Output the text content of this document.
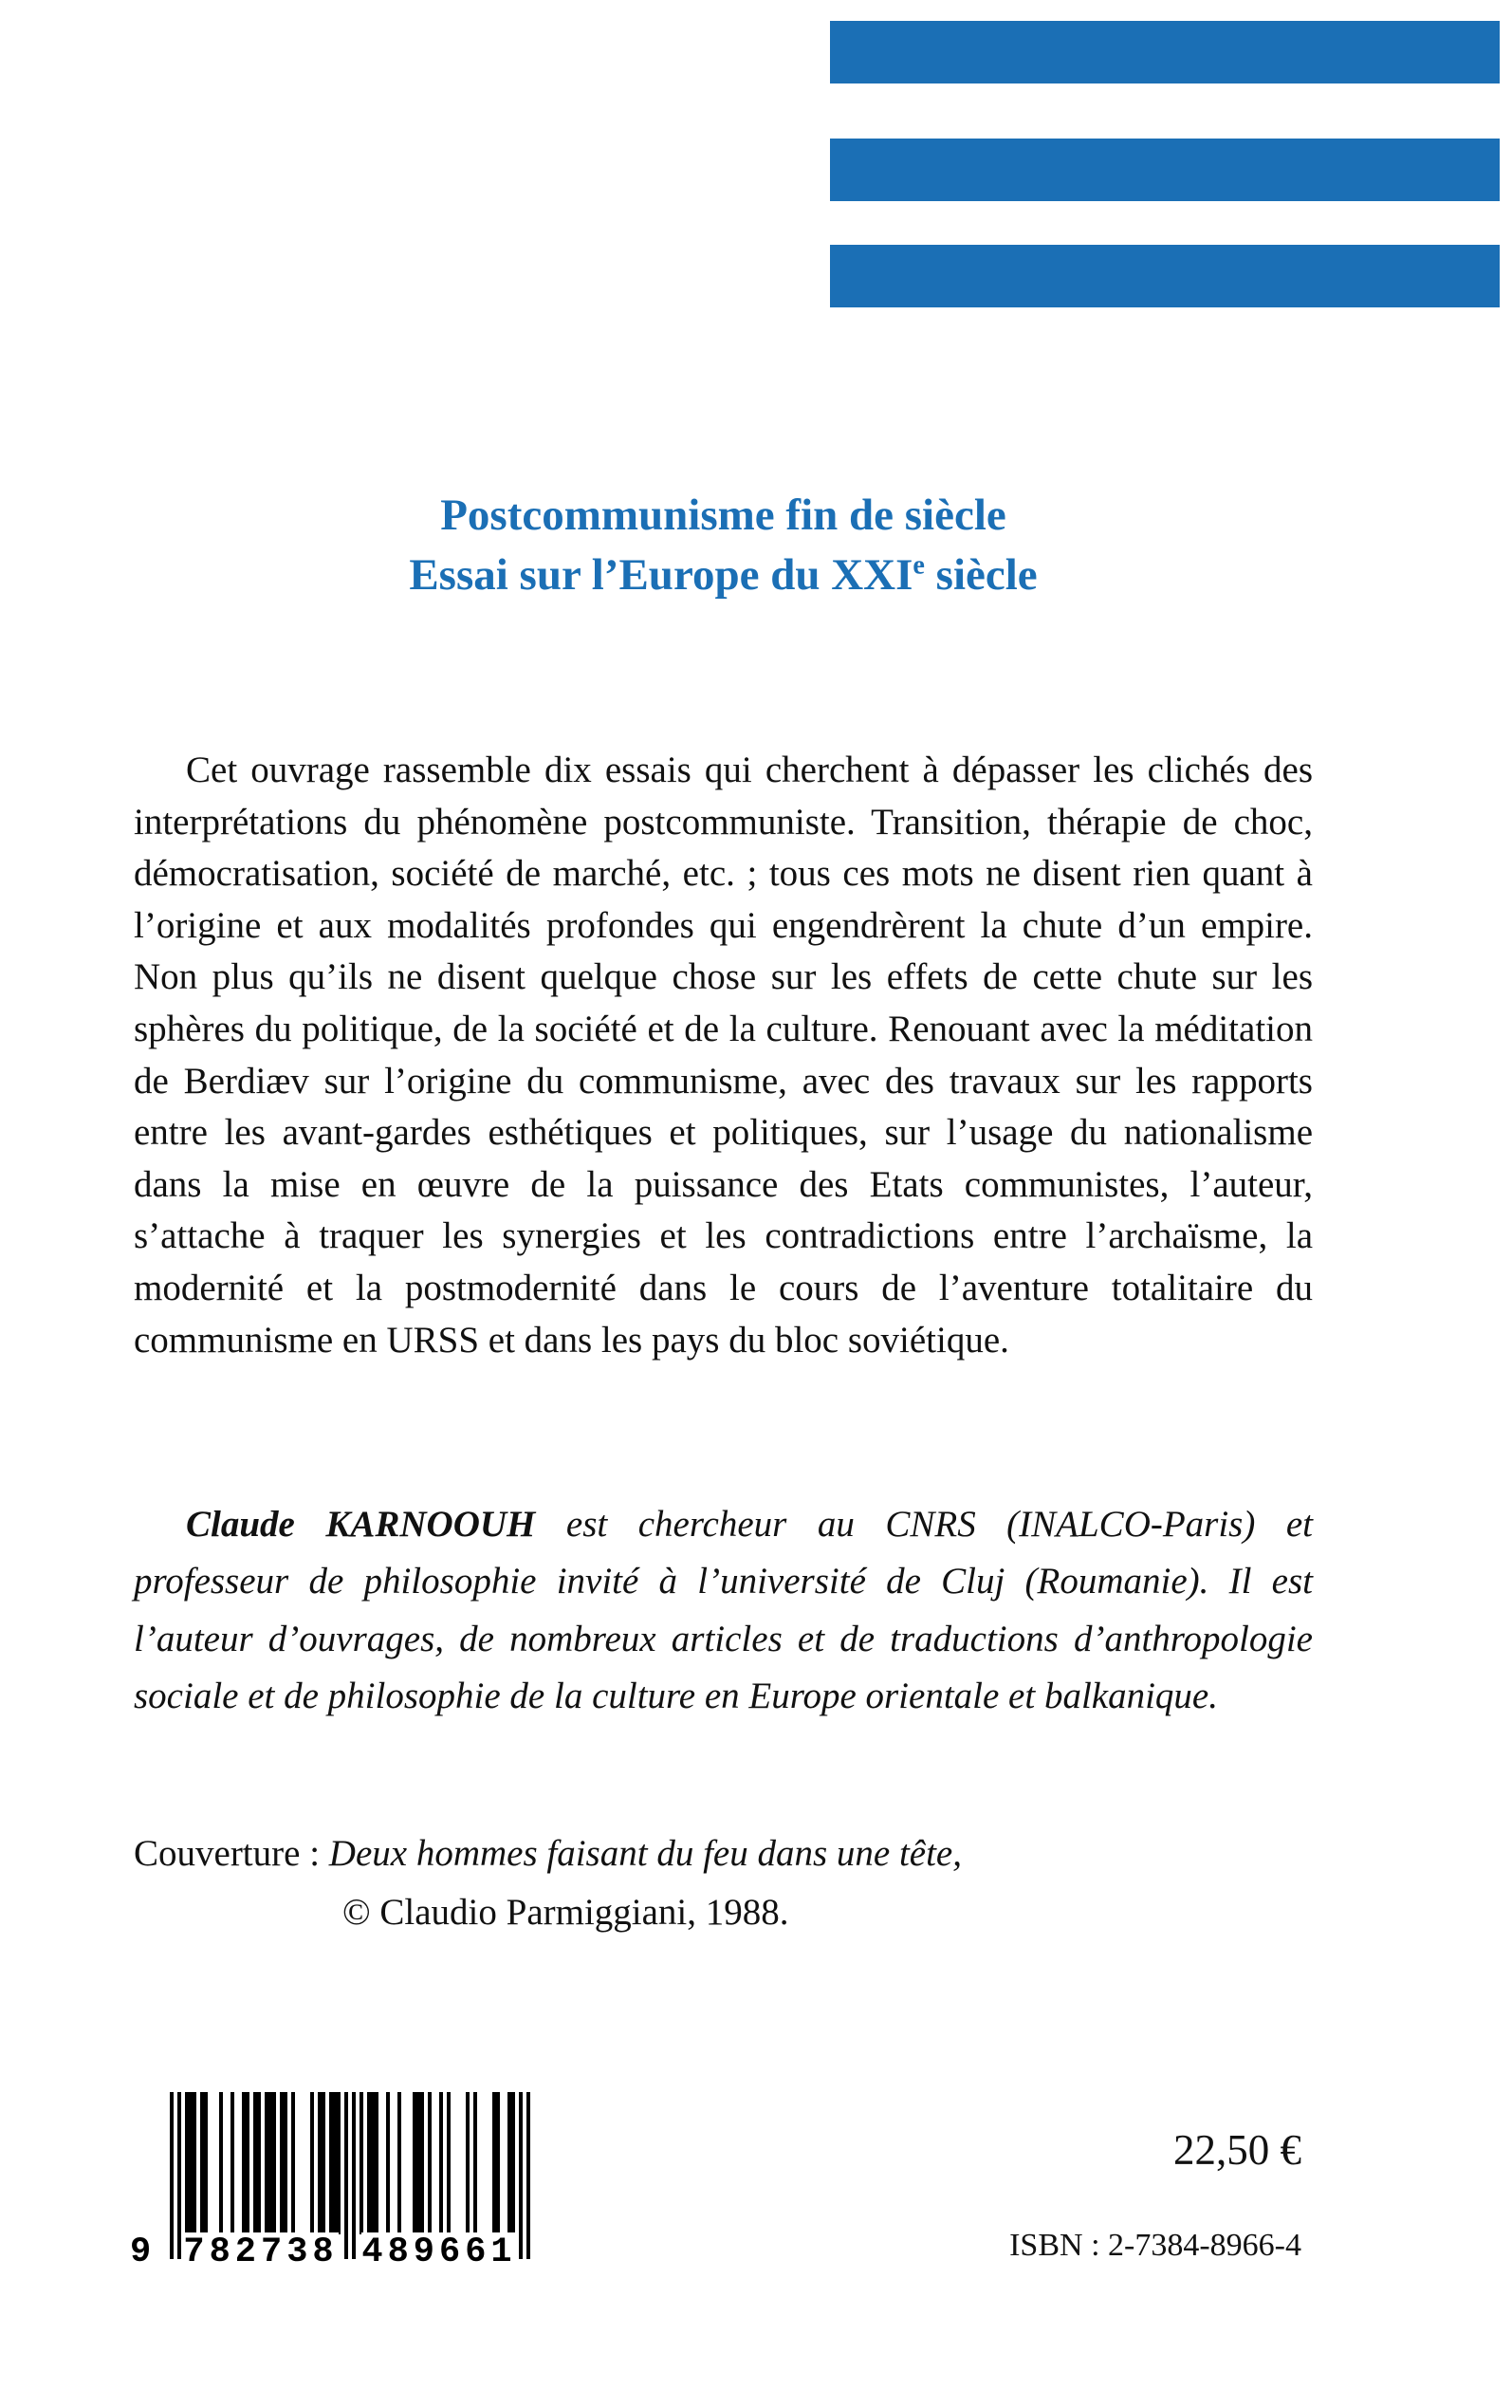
Postcommunisme fin de siècle
Essai sur l’Europe du XXIe siècle

Cet ouvrage rassemble dix essais qui cherchent à dépasser les clichés des interprétations du phénomène postcommuniste. Transition, thérapie de choc, démocratisation, société de marché, etc. ; tous ces mots ne disent rien quant à l’origine et aux modalités profondes qui engendrèrent la chute d’un empire. Non plus qu’ils ne disent quelque chose sur les effets de cette chute sur les sphères du politique, de la société et de la culture. Renouant avec la méditation de Berdiæv sur l’origine du communisme, avec des travaux sur les rapports entre les avant-gardes esthétiques et politiques, sur l’usage du nationalisme dans la mise en œuvre de la puissance des Etats communistes, l’auteur, s’attache à traquer les synergies et les contradictions entre l’archaïsme, la modernité et la postmodernité dans le cours de l’aventure totalitaire du communisme en URSS et dans les pays du bloc soviétique.

Claude KARNOOUH est chercheur au CNRS (INALCO-Paris) et professeur de philosophie invité à l’université de Cluj (Roumanie). Il est l’auteur d’ouvrages, de nombreux articles et de traductions d’anthropologie sociale et de philosophie de la culture en Europe orientale et balkanique.

Couverture : Deux hommes faisant du feu dans une tête,
© Claudio Parmiggiani, 1988.
9 782738 489661
22,50 €
ISBN : 2-7384-8966-4
